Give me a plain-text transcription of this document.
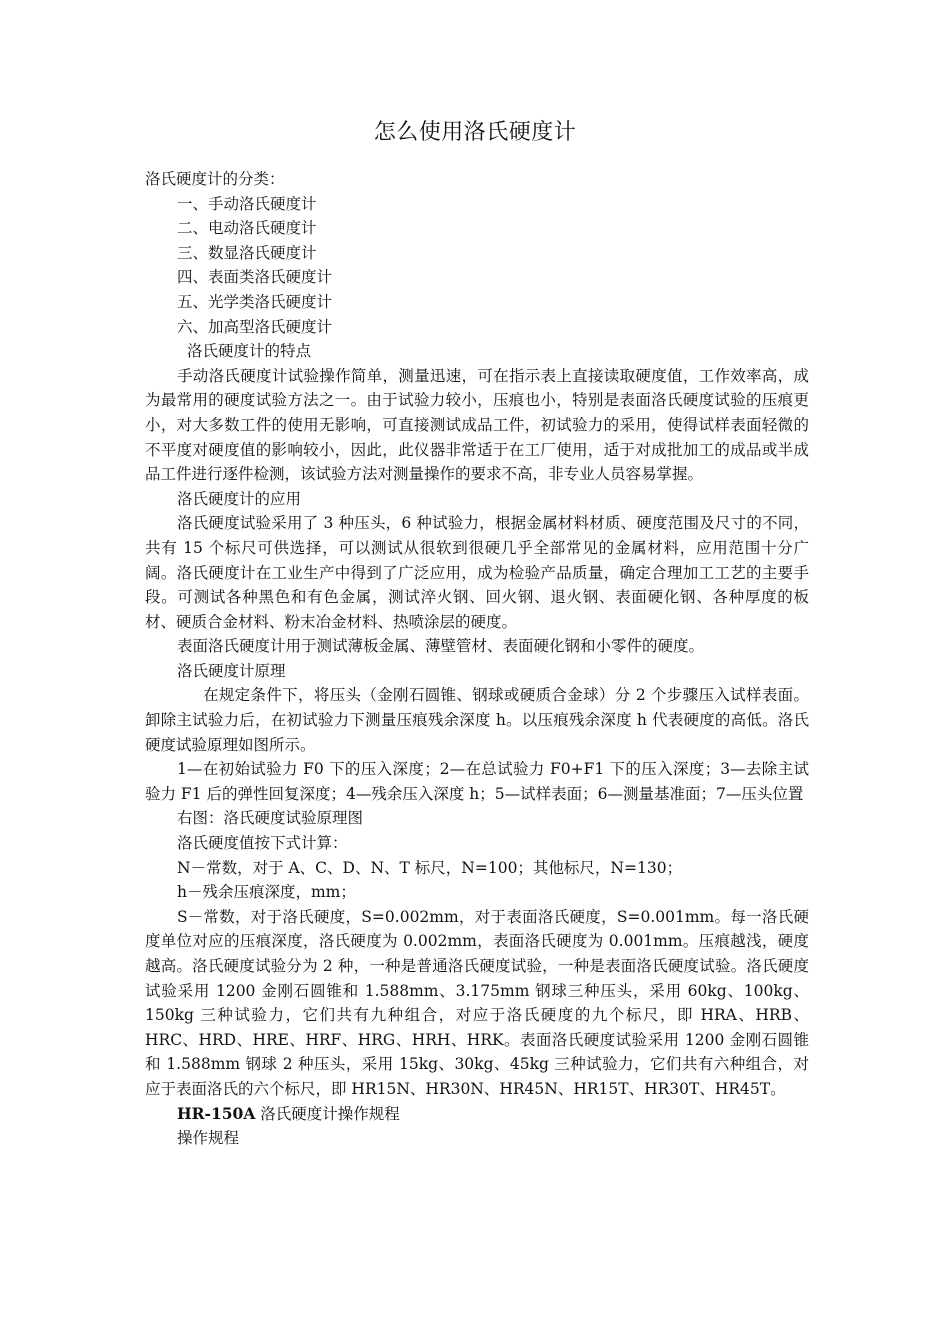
怎么使用洛氏硬度计

洛氏硬度计的分类：

一、手动洛氏硬度计

二、电动洛氏硬度计

三、数显洛氏硬度计

四、表面类洛氏硬度计

五、光学类洛氏硬度计

六、加高型洛氏硬度计

洛氏硬度计的特点

手动洛氏硬度计试验操作简单，测量迅速，可在指示表上直接读取硬度值，工作效率高，成为最常用的硬度试验方法之一。由于试验力较小，压痕也小，特别是表面洛氏硬度试验的压痕更小，对大多数工件的使用无影响，可直接测试成品工件，初试验力的采用，使得试样表面轻微的不平度对硬度值的影响较小，因此，此仪器非常适于在工厂使用，适于对成批加工的成品或半成品工件进行逐件检测，该试验方法对测量操作的要求不高，非专业人员容易掌握。

洛氏硬度计的应用

洛氏硬度试验采用了 3 种压头，6 种试验力，根据金属材料材质、硬度范围及尺寸的不同，共有 15 个标尺可供选择，可以测试从很软到很硬几乎全部常见的金属材料，应用范围十分广阔。洛氏硬度计在工业生产中得到了广泛应用，成为检验产品质量，确定合理加工工艺的主要手段。可测试各种黑色和有色金属，测试淬火钢、回火钢、退火钢、表面硬化钢、各种厚度的板材、硬质合金材料、粉末冶金材料、热喷涂层的硬度。

表面洛氏硬度计用于测试薄板金属、薄壁管材、表面硬化钢和小零件的硬度。

洛氏硬度计原理

在规定条件下，将压头（金刚石圆锥、钢球或硬质合金球）分 2 个步骤压入试样表面。卸除主试验力后，在初试验力下测量压痕残余深度 h。以压痕残余深度 h 代表硬度的高低。洛氏硬度试验原理如图所示。

1—在初始试验力 F0 下的压入深度；2—在总试验力 F0+F1 下的压入深度；3—去除主试验力 F1 后的弹性回复深度；4—残余压入深度 h；5—试样表面；6—测量基准面；7—压头位置

右图：洛氏硬度试验原理图

洛氏硬度值按下式计算：

N－常数，对于 A、C、D、N、T 标尺，N=100；其他标尺，N=130；

h－残余压痕深度，mm；

S－常数，对于洛氏硬度，S=0.002mm，对于表面洛氏硬度，S=0.001mm。每一洛氏硬度单位对应的压痕深度，洛氏硬度为 0.002mm，表面洛氏硬度为 0.001mm。压痕越浅，硬度越高。洛氏硬度试验分为 2 种，一种是普通洛氏硬度试验，一种是表面洛氏硬度试验。洛氏硬度试验采用 1200 金刚石圆锥和 1.588mm、3.175mm 钢球三种压头，采用 60kg、100kg、150kg 三种试验力，它们共有九种组合，对应于洛氏硬度的九个标尺，即 HRA、HRB、HRC、HRD、HRE、HRF、HRG、HRH、HRK。表面洛氏硬度试验采用 1200 金刚石圆锥和 1.588mm 钢球 2 种压头，采用 15kg、30kg、45kg 三种试验力，它们共有六种组合，对应于表面洛氏的六个标尺，即 HR15N、HR30N、HR45N、HR15T、HR30T、HR45T。

HR-150A 洛氏硬度计操作规程

操作规程
